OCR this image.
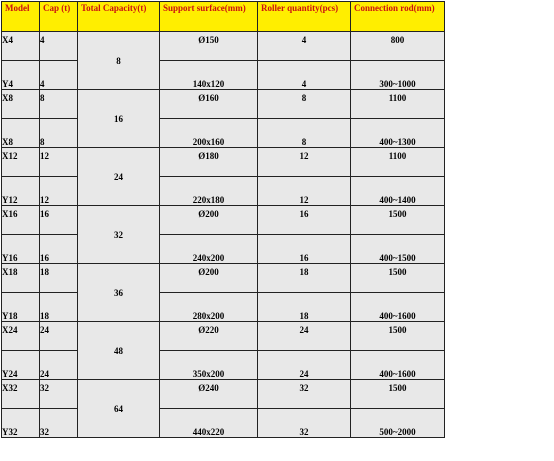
Model	Cap (t)	Total Capacity(t)	Support surface(mm)	Roller quantity(pcs)	Connection rod(mm)
X4	4	8	Ø150	4	800
Y4	4		140x120	4	300~1000
X8	8	16	Ø160	8	1100
X8	8		200x160	8	400~1300
X12	12	24	Ø180	12	1100
Y12	12		220x180	12	400~1400
X16	16	32	Ø200	16	1500
Y16	16		240x200	16	400~1500
X18	18	36	Ø200	18	1500
Y18	18		280x200	18	400~1600
X24	24	48	Ø220	24	1500
Y24	24		350x200	24	400~1600
X32	32	64	Ø240	32	1500
Y32	32		440x220	32	500~2000
